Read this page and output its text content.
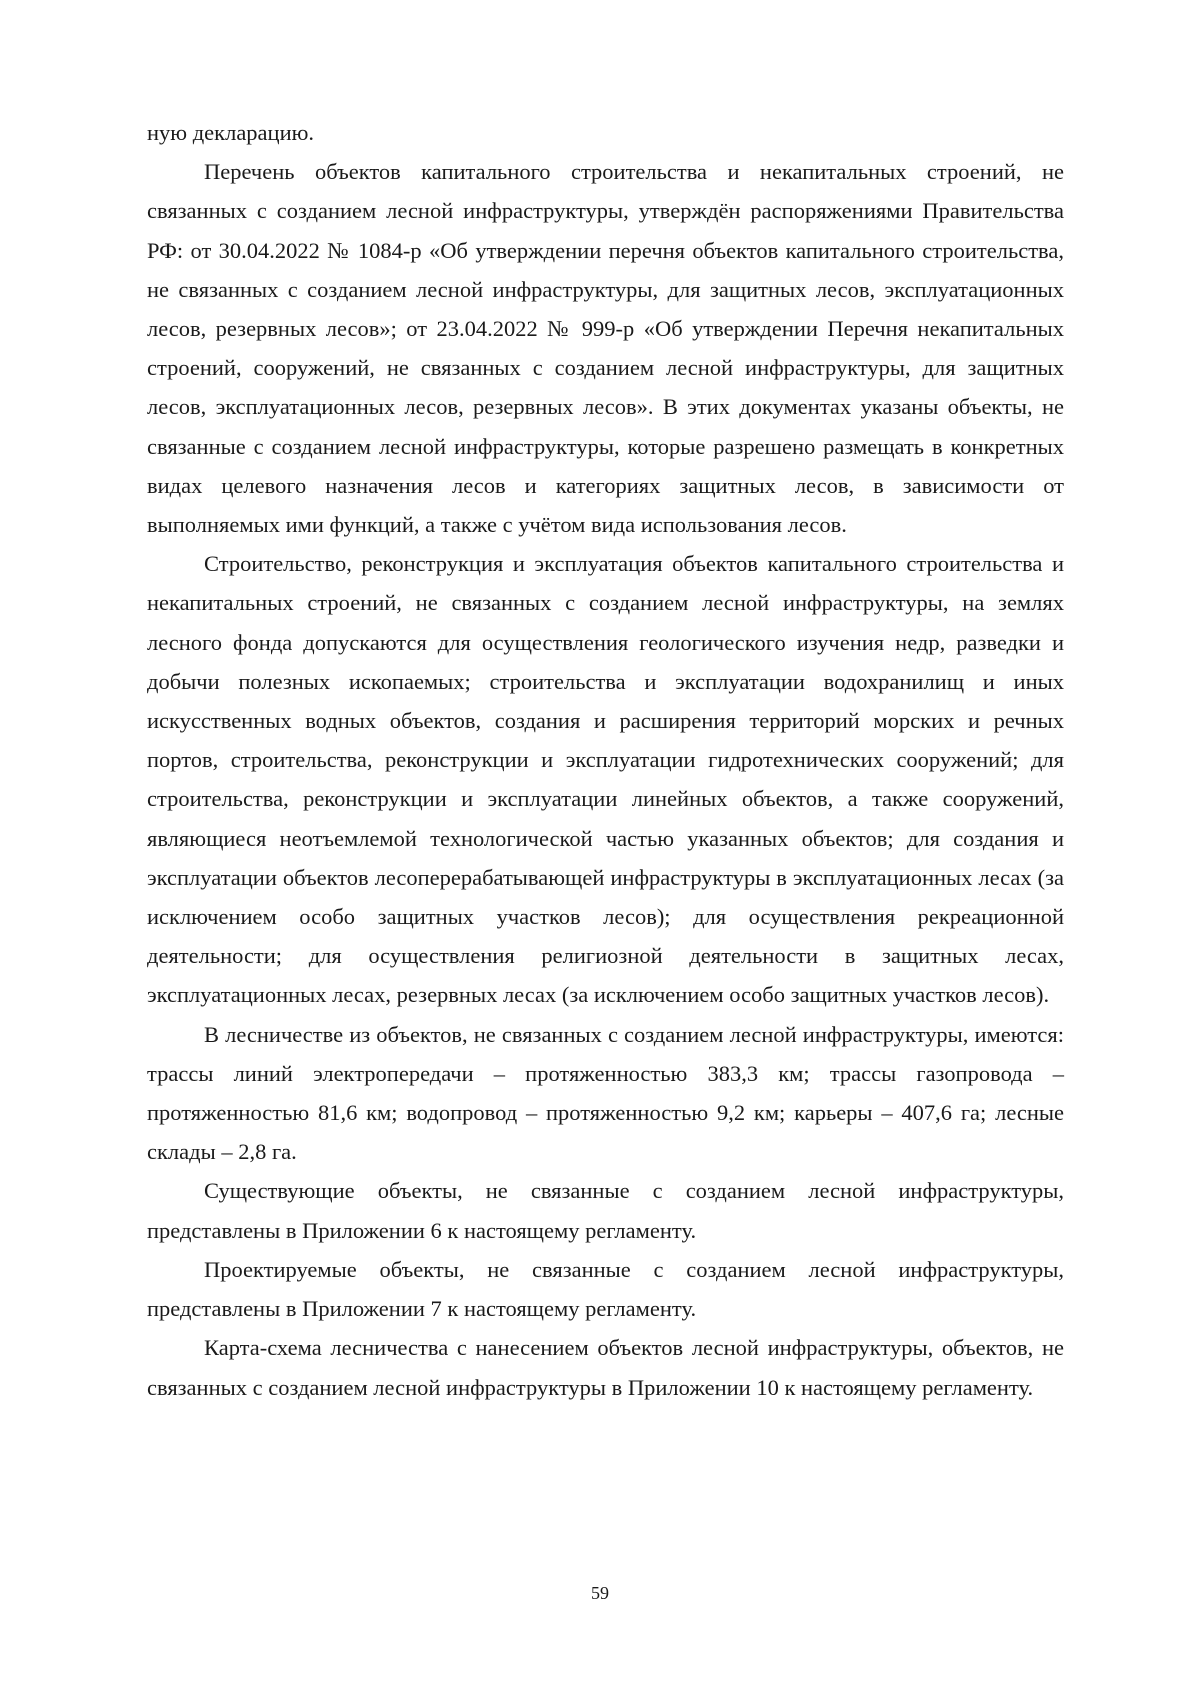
ную декларацию.

Перечень объектов капитального строительства и некапитальных строений, не связанных с созданием лесной инфраструктуры, утверждён распоряжениями Правительства РФ: от 30.04.2022 № 1084-р «Об утверждении перечня объектов капитального строительства, не связанных с созданием лесной инфраструктуры, для защитных лесов, эксплуатационных лесов, резервных лесов»; от 23.04.2022 № 999-р «Об утверждении Перечня некапитальных строений, сооружений, не связанных с созданием лесной инфраструктуры, для защитных лесов, эксплуатационных лесов, резервных лесов». В этих документах указаны объекты, не связанные с созданием лесной инфраструктуры, которые разрешено размещать в конкретных видах целевого назначения лесов и категориях защитных лесов, в зависимости от выполняемых ими функций, а также с учётом вида использования лесов.

Строительство, реконструкция и эксплуатация объектов капитального строительства и некапитальных строений, не связанных с созданием лесной инфраструктуры, на землях лесного фонда допускаются для осуществления геологического изучения недр, разведки и добычи полезных ископаемых; строительства и эксплуатации водохранилищ и иных искусственных водных объектов, создания и расширения территорий морских и речных портов, строительства, реконструкции и эксплуатации гидротехнических сооружений; для строительства, реконструкции и эксплуатации линейных объектов, а также сооружений, являющиеся неотъемлемой технологической частью указанных объектов; для создания и эксплуатации объектов лесоперерабатывающей инфраструктуры в эксплуатационных лесах (за исключением особо защитных участков лесов); для осуществления рекреационной деятельности; для осуществления религиозной деятельности в защитных лесах, эксплуатационных лесах, резервных лесах (за исключением особо защитных участков лесов).

В лесничестве из объектов, не связанных с созданием лесной инфраструктуры, имеются: трассы линий электропередачи – протяженностью 383,3 км; трассы газопровода – протяженностью 81,6 км; водопровод – протяженностью 9,2 км; карьеры – 407,6 га; лесные склады – 2,8 га.

Существующие объекты, не связанные с созданием лесной инфраструктуры, представлены в Приложении 6 к настоящему регламенту.

Проектируемые объекты, не связанные с созданием лесной инфраструктуры, представлены в Приложении 7 к настоящему регламенту.

Карта-схема лесничества с нанесением объектов лесной инфраструктуры, объектов, не связанных с созданием лесной инфраструктуры в Приложении 10 к настоящему регламенту.

59
